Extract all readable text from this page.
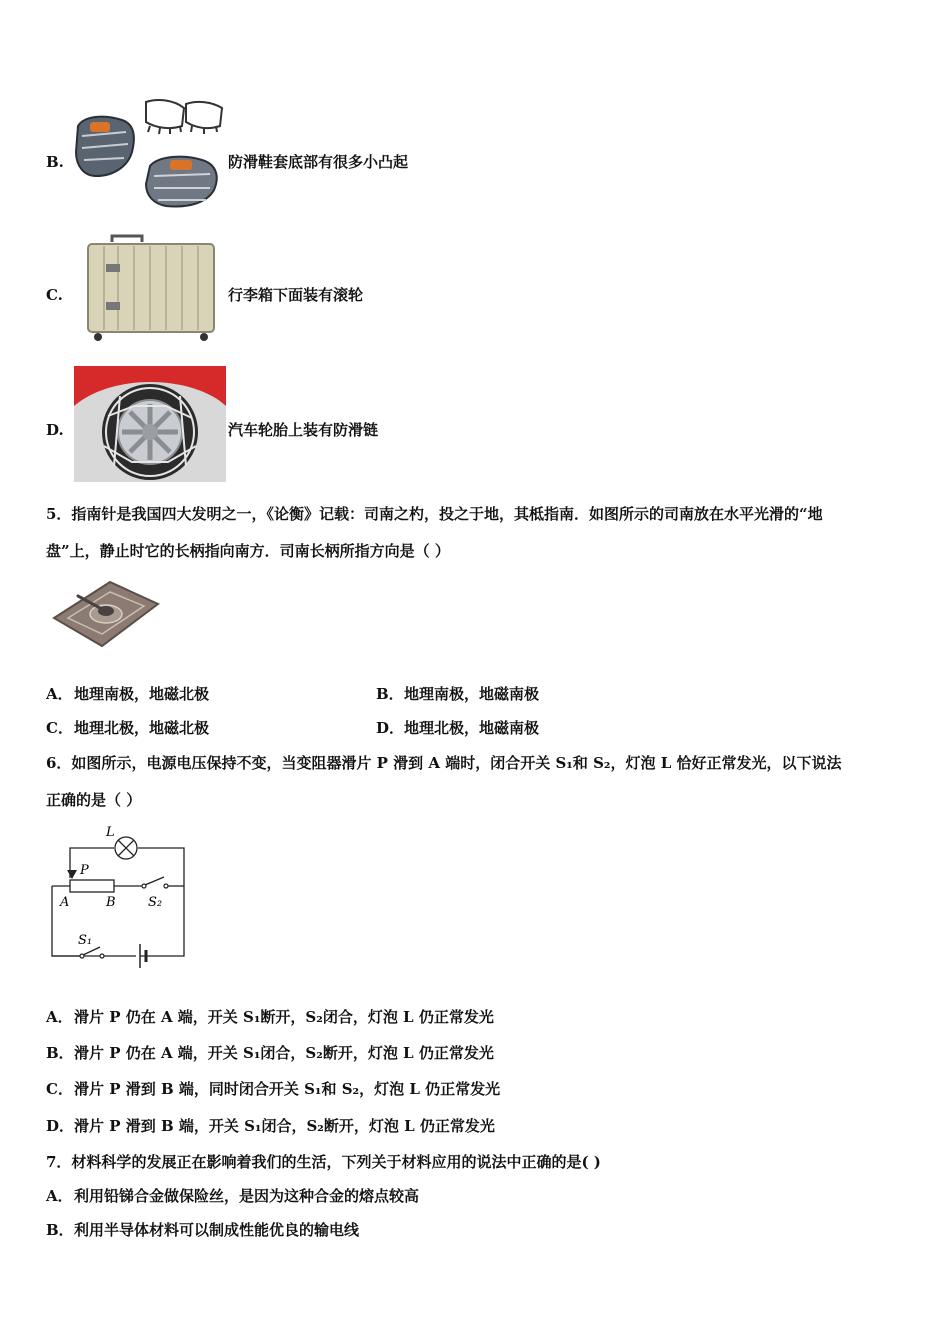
B.	防滑鞋套底部有很多小凸起
C.	行李箱下面装有滚轮
D.	汽车轮胎上装有防滑链
5．指南针是我国四大发明之一，《论衡》记载：司南之杓，投之于地，其柢指南．如图所示的司南放在水平光滑的“地
盘”上，静止时它的长柄指向南方．司南长柄所指方向是（ ）
A．地理南极，地磁北极	B．地理南极，地磁南极
C．地理北极，地磁北极	D．地理北极，地磁南极
6．如图所示，电源电压保持不变，当变阻器滑片 P 滑到 A 端时，闭合开关 S₁和 S₂，灯泡 L 恰好正常发光，以下说法
正确的是（ ）
L
P
A	B S₂
S₁
A．滑片 P 仍在 A 端，开关 S₁断开，S₂闭合，灯泡 L 仍正常发光
B．滑片 P 仍在 A 端，开关 S₁闭合，S₂断开，灯泡 L 仍正常发光
C．滑片 P 滑到 B 端，同时闭合开关 S₁和 S₂，灯泡 L 仍正常发光
D．滑片 P 滑到 B 端，开关 S₁闭合，S₂断开，灯泡 L 仍正常发光
7．材料科学的发展正在影响着我们的生活，下列关于材料应用的说法中正确的是( )
A．利用铅锑合金做保险丝，是因为这种合金的熔点较高
B．利用半导体材料可以制成性能优良的输电线
